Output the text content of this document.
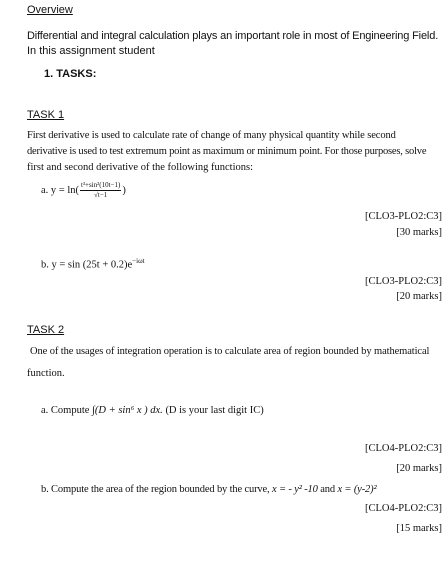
Overview
Differential and integral calculation plays an important role in most of Engineering Field.
In this assignment student
1. TASKS:
TASK 1
First derivative is used to calculate rate of change of many physical quantity while second
derivative is used to test extremum point as maximum or minimum point. For those purposes, solve
first and second derivative of the following functions:
a. $y = \ln( \frac{\text{t³+sin²(10t−1)}}{√t-1}$ )
[CLO3-PLO2:C3]
[30 marks]
b. $y = \sin (25t + 0.2)e^{-i\omega t}$
[CLO3-PLO2:C3]
[20 marks]
TASK 2
One of the usages of integration operation is to calculate area of region bounded by mathematical
function.
a. Compute ∫(D + sin⁶ x ) dx. (D is your last digit IC)
[CLO4-PLO2:C3]
[20 marks]
b. Compute the area of the region bounded by the curve, x = - y² -10 and x = (y-2)²
[CLO4-PLO2:C3]
[15 marks]
